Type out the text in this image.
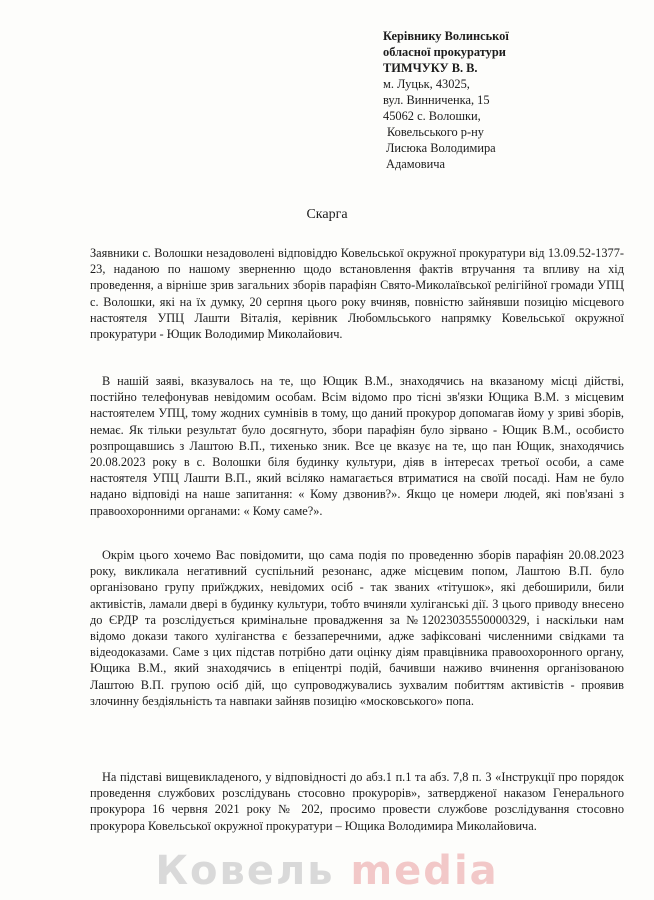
Керівнику Волинської
обласної прокуратури
ТИМЧУКУ В. В.
м. Луцьк, 43025,
вул. Винниченка, 15
45062 с. Волошки,
Ковельського р-ну
Лисюка Володимира
Адамовича
Скарга

Заявники с. Волошки незадоволені відповіддю Ковельської окружної прокуратури від 13.09.52-1377-23, наданою по нашому зверненню щодо встановлення фактів втручання та впливу на хід проведення, а вірніше зрив загальних зборів парафіян Свято-Миколаївської релігійної громади УПЦ с. Волошки, які на їх думку, 20 серпня цього року вчиняв, повністю зайнявши позицію місцевого настоятеля УПЦ Лашти Віталія, керівник Любомльського напрямку Ковельської окружної прокуратури - Ющик Володимир Миколайович.

В нашій заяві, вказувалось на те, що Ющик В.М., знаходячись на вказаному місці дійстві, постійно телефонував невідомим особам. Всім відомо про тісні зв'язки Ющика В.М. з місцевим настоятелем УПЦ, тому жодних сумнівів в тому, що даний прокурор допомагав йому у зриві зборів, немає. Як тільки результат було досягнуто, збори парафіян було зірвано - Ющик В.М., особисто розпрощавшись з Лаштою В.П., тихенько зник. Все це вказує на те, що пан Ющик, знаходячись 20.08.2023 року в с. Волошки біля будинку культури, діяв в інтересах третьої особи, а саме настоятеля УПЦ Лашти В.П., який всіляко намагається втриматися на своїй посаді. Нам не було надано відповіді на наше запитання: « Кому дзвонив?». Якщо це номери людей, які пов'язані з правоохоронними органами: « Кому саме?».

Окрім цього хочемо Вас повідомити, що сама подія по проведенню зборів парафіян 20.08.2023 року, викликала негативний суспільний резонанс, адже місцевим попом, Лаштою В.П. було організовано групу приїжджих, невідомих осіб - так званих «тітушок», які дебоширили, били активістів, ламали двері в будинку культури, тобто вчиняли хуліганські дії. З цього приводу внесено до ЄРДР та розслідується кримінальне провадження за №12023035550000329, і наскільки нам відомо докази такого хуліганства є беззаперечними, адже зафіксовані численними свідками та відеодоказами. Саме з цих підстав потрібно дати оцінку діям правцівника правоохоронного органу, Ющика В.М., який знаходячись в епіцентрі подій, бачивши наживо вчинення організованою Лаштою В.П. групою осіб дій, що супроводжувались зухвалим побиттям активістів - проявив злочинну бездіяльність та навпаки зайняв позицію «московського» попа.

На підставі вищевикладеного, у відповідності до абз.1 п.1 та абз. 7,8 п. 3 «Інструкції про порядок проведення службових розслідувань стосовно прокурорів», затвердженої наказом Генерального прокурора 16 червня 2021 року № 202, просимо провести службове розслідування стосовно прокурора Ковельської окружної прокуратури – Ющика Володимира Миколайовича.

Ковель media
